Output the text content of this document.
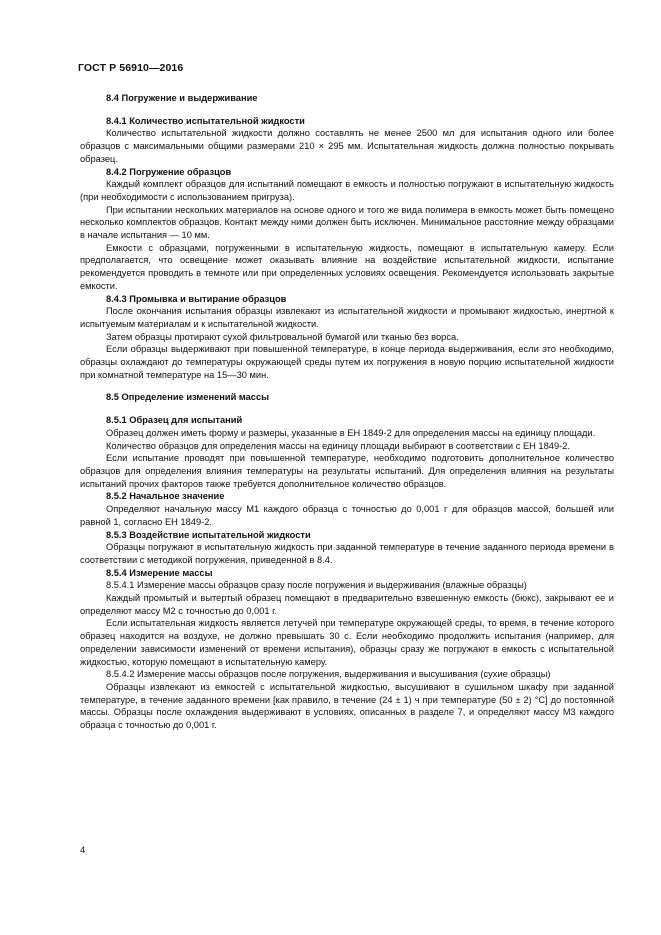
ГОСТ Р 56910—2016

8.4 Погружение и выдерживание

8.4.1 Количество испытательной жидкости

Количество испытательной жидкости должно составлять не менее 2500 мл для испытания одного или более образцов с максимальными общими размерами 210 × 295 мм. Испытательная жидкость должна полностью покрывать образец.

8.4.2 Погружение образцов

Каждый комплект образцов для испытаний помещают в емкость и полностью погружают в испытательную жидкость (при необходимости с использованием пригруза).

При испытании нескольких материалов на основе одного и того же вида полимера в емкость может быть помещено несколько комплектов образцов. Контакт между ними должен быть исключен. Минимальное расстояние между образцами в начале испытания — 10 мм.

Емкости с образцами, погруженными в испытательную жидкость, помещают в испытательную камеру. Если предполагается, что освещение может оказывать влияние на воздействие испытательной жидкости, испытание рекомендуется проводить в темноте или при определенных условиях освещения. Рекомендуется использовать закрытые емкости.

8.4.3 Промывка и вытирание образцов

После окончания испытания образцы извлекают из испытательной жидкости и промывают жидкостью, инертной к испытуемым материалам и к испытательной жидкости.

Затем образцы протирают сухой фильтровальной бумагой или тканью без ворса.

Если образцы выдерживают при повышенной температуре, в конце периода выдерживания, если это необходимо, образцы охлаждают до температуры окружающей среды путем их погружения в новую порцию испытательной жидкости при комнатной температуре на 15—30 мин.

8.5 Определение изменений массы

8.5.1 Образец для испытаний

Образец должен иметь форму и размеры, указанные в ЕН 1849-2 для определения массы на единицу площади.

Количество образцов для определения массы на единицу площади выбирают в соответствии с ЕН 1849-2.

Если испытание проводят при повышенной температуре, необходимо подготовить дополнительное количество образцов для определения влияния температуры на результаты испытаний. Для определения влияния на результаты испытаний прочих факторов также требуется дополнительное количество образцов.

8.5.2 Начальное значение

Определяют начальную массу М1 каждого образца с точностью до 0,001 г для образцов массой, большей или равной 1, согласно ЕН 1849-2.

8.5.3 Воздействие испытательной жидкости

Образцы погружают в испытательную жидкость при заданной температуре в течение заданного периода времени в соответствии с методикой погружения, приведенной в 8.4.

8.5.4 Измерение массы

8.5.4.1 Измерение массы образцов сразу после погружения и выдерживания (влажные образцы)

Каждый промытый и вытертый образец помещают в предварительно взвешенную емкость (бюкс), закрывают ее и определяют массу М2 с точностью до 0,001 г.

Если испытательная жидкость является летучей при температуре окружающей среды, то время, в течение которого образец находится на воздухе, не должно превышать 30 с. Если необходимо продолжить испытания (например, для определении зависимости изменений от времени испытания), образцы сразу же погружают в емкость с испытательной жидкостью, которую помещают в испытательную камеру.

8.5.4.2 Измерение массы образцов после погружения, выдерживания и высушивания (сухие образцы)

Образцы извлекают из емкостей с испытательной жидкостью, высушивают в сушильном шкафу при заданной температуре, в течение заданного времени [как правило, в течение (24 ± 1) ч при температуре (50 ± 2) °С] до постоянной массы. Образцы после охлаждения выдерживают в условиях, описанных в разделе 7, и определяют массу М3 каждого образца с точностью до 0,001 г.

4
